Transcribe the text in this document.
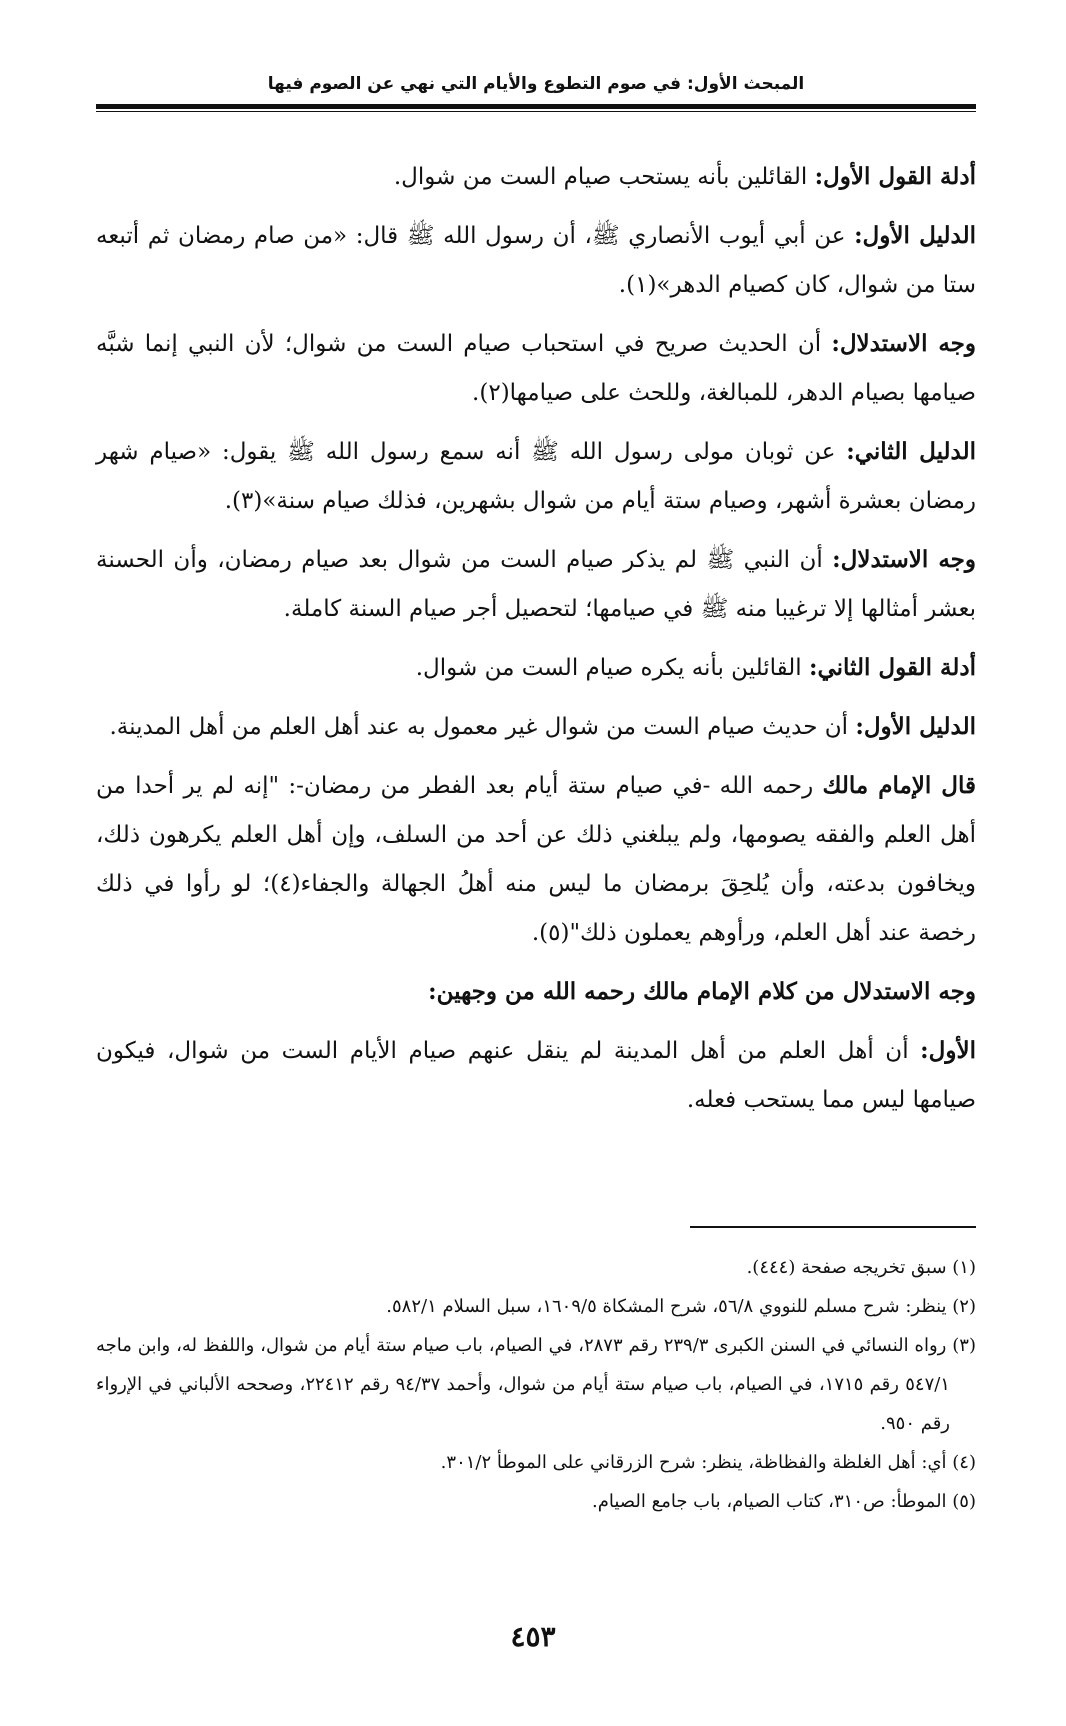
المبحث الأول: في صوم التطوع والأيام التي نهي عن الصوم فيها

أدلة القول الأول: القائلين بأنه يستحب صيام الست من شوال.

الدليل الأول: عن أبي أيوب الأنصاري ﷺ، أن رسول الله ﷺ قال: «من صام رمضان ثم أتبعه ستا من شوال، كان كصيام الدهر»(١).

وجه الاستدلال: أن الحديث صريح في استحباب صيام الست من شوال؛ لأن النبي إنما شبَّه صيامها بصيام الدهر، للمبالغة، وللحث على صيامها(٢).

الدليل الثاني: عن ثوبان مولى رسول الله ﷺ أنه سمع رسول الله ﷺ يقول: «صيام شهر رمضان بعشرة أشهر، وصيام ستة أيام من شوال بشهرين، فذلك صيام سنة»(٣).

وجه الاستدلال: أن النبي ﷺ لم يذكر صيام الست من شوال بعد صيام رمضان، وأن الحسنة بعشر أمثالها إلا ترغيبا منه ﷺ في صيامها؛ لتحصيل أجر صيام السنة كاملة.

أدلة القول الثاني: القائلين بأنه يكره صيام الست من شوال.

الدليل الأول: أن حديث صيام الست من شوال غير معمول به عند أهل العلم من أهل المدينة.

قال الإمام مالك رحمه الله -في صيام ستة أيام بعد الفطر من رمضان-: "إنه لم ير أحدا من أهل العلم والفقه يصومها، ولم يبلغني ذلك عن أحد من السلف، وإن أهل العلم يكرهون ذلك، ويخافون بدعته، وأن يُلحِقَ برمضان ما ليس منه أهلُ الجهالة والجفاء(٤)؛ لو رأوا في ذلك رخصة عند أهل العلم، ورأوهم يعملون ذلك"(٥).

وجه الاستدلال من كلام الإمام مالك رحمه الله من وجهين:

الأول: أن أهل العلم من أهل المدينة لم ينقل عنهم صيام الأيام الست من شوال، فيكون صيامها ليس مما يستحب فعله.

(١) سبق تخريجه صفحة (٤٤٤).

(٢) ينظر: شرح مسلم للنووي ٥٦/٨، شرح المشكاة ١٦٠٩/٥، سبل السلام ٥٨٢/١.

(٣) رواه النسائي في السنن الكبرى ٢٣٩/٣ رقم ٢٨٧٣، في الصيام، باب صيام ستة أيام من شوال، واللفظ له، وابن ماجه ٥٤٧/١ رقم ١٧١٥، في الصيام، باب صيام ستة أيام من شوال، وأحمد ٩٤/٣٧ رقم ٢٢٤١٢، وصححه الألباني في الإرواء رقم ٩٥٠.

(٤) أي: أهل الغلظة والفظاظة، ينظر: شرح الزرقاني على الموطأ ٣٠١/٢.

(٥) الموطأ: ص٣١٠، كتاب الصيام، باب جامع الصيام.

٤٥٣
